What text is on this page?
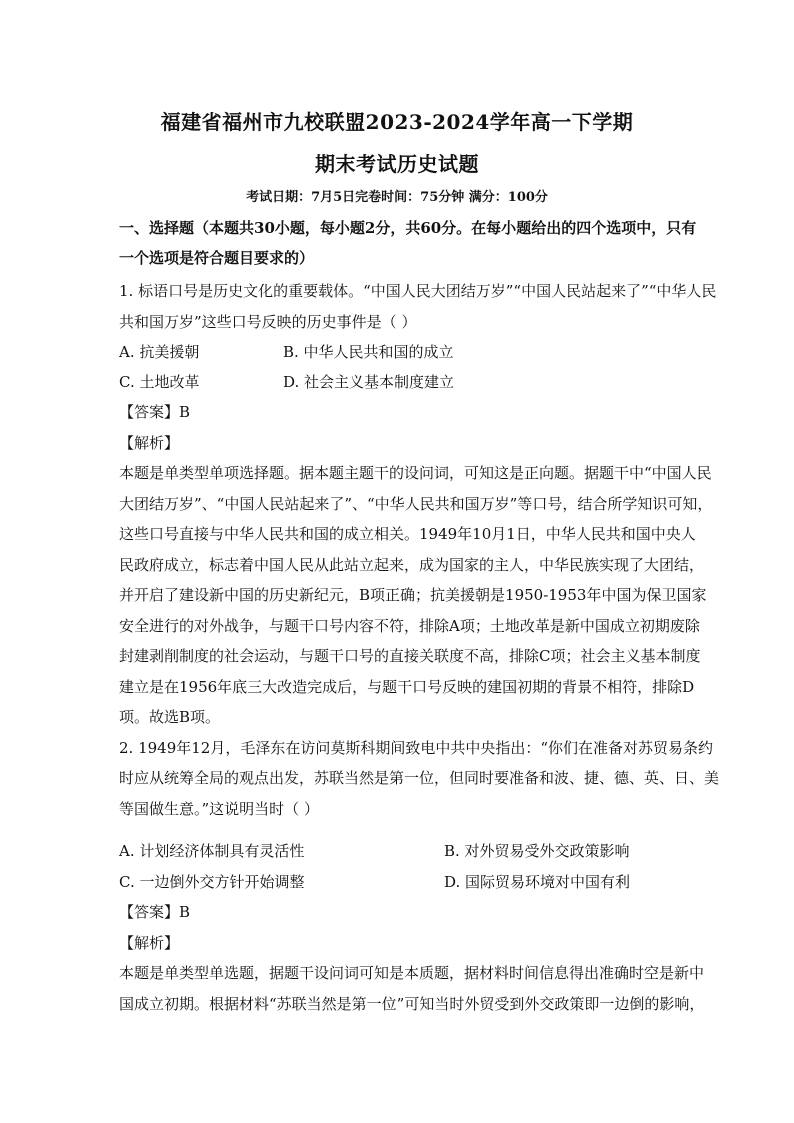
福建省福州市九校联盟2023-2024学年高一下学期
期末考试历史试题
考试日期：7月5日完卷时间：75分钟 满分：100分
一、选择题（本题共30小题，每小题2分，共60分。在每小题给出的四个选项中，只有
一个选项是符合题目要求的）
1. 标语口号是历史文化的重要载体。“中国人民大团结万岁”“中国人民站起来了”“中华人民
共和国万岁”这些口号反映的历史事件是（ ）
A. 抗美援朝	B. 中华人民共和国的成立
C. 土地改革	D. 社会主义基本制度建立
【答案】B
【解析】
本题是单类型单项选择题。据本题主题干的设问词，可知这是正向题。据题干中“中国人民
大团结万岁”、“中国人民站起来了”、“中华人民共和国万岁”等口号，结合所学知识可知，
这些口号直接与中华人民共和国的成立相关。1949年10月1日，中华人民共和国中央人
民政府成立，标志着中国人民从此站立起来，成为国家的主人，中华民族实现了大团结，
并开启了建设新中国的历史新纪元，B项正确；抗美援朝是1950-1953年中国为保卫国家
安全进行的对外战争，与题干口号内容不符，排除A项；土地改革是新中国成立初期废除
封建剥削制度的社会运动，与题干口号的直接关联度不高，排除C项；社会主义基本制度
建立是在1956年底三大改造完成后，与题干口号反映的建国初期的背景不相符，排除D
项。故选B项。
2. 1949年12月，毛泽东在访问莫斯科期间致电中共中央指出：“你们在准备对苏贸易条约
时应从统筹全局的观点出发，苏联当然是第一位，但同时要准备和波、捷、德、英、日、美
等国做生意。”这说明当时（ ）
A. 计划经济体制具有灵活性	B. 对外贸易受外交政策影响
C. 一边倒外交方针开始调整	D. 国际贸易环境对中国有利
【答案】B
【解析】
本题是单类型单选题，据题干设问词可知是本质题，据材料时间信息得出准确时空是新中
国成立初期。根据材料“苏联当然是第一位”可知当时外贸受到外交政策即一边倒的影响，
